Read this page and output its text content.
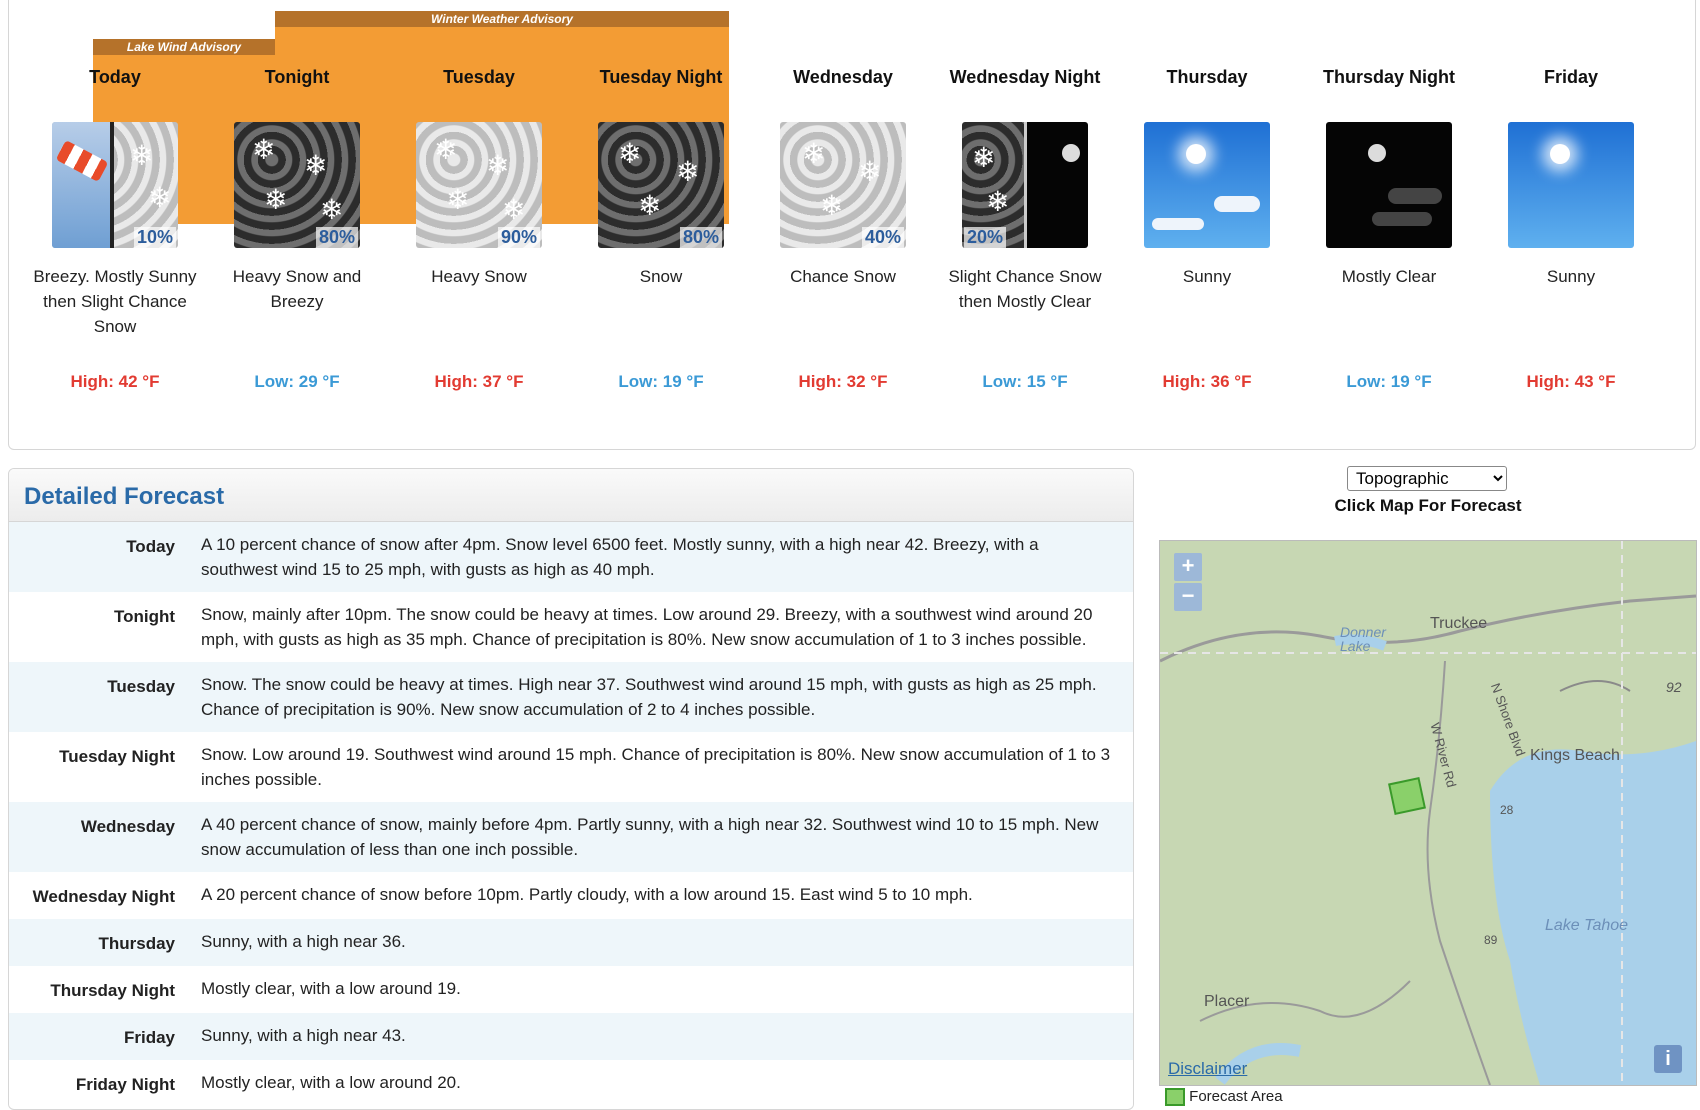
Lake Wind Advisory
Winter Weather Advisory
Today
❄
❄
10%
Breezy. Mostly Sunny then Slight Chance Snow
High: 42 °F
Tonight
❄
❄
❄ ❄
80%
Heavy Snow and Breezy
Low: 29 °F
Tuesday
❄
❄
❄ ❄
90%
Heavy Snow
High: 37 °F
Tuesday Night
❄
❄
❄
80%
Snow
Low: 19 °F
Wednesday
❄
❄
❄
40%
Chance Snow
High: 32 °F
Wednesday Night
❄
❄
20%
Slight Chance Snow then Mostly Clear
Low: 15 °F
Thursday
Sunny
High: 36 °F
Thursday Night
Mostly Clear
Low: 19 °F
Friday
Sunny
High: 43 °F
Detailed Forecast
Today	A 10 percent chance of snow after 4pm. Snow level 6500 feet. Mostly sunny, with a high near 42. Breezy, with a southwest wind 15 to 25 mph, with gusts as high as 40 mph.
Tonight	Snow, mainly after 10pm. The snow could be heavy at times. Low around 29. Breezy, with a southwest wind around 20 mph, with gusts as high as 35 mph. Chance of precipitation is 80%. New snow accumulation of 1 to 3 inches possible.
Tuesday	Snow. The snow could be heavy at times. High near 37. Southwest wind around 15 mph, with gusts as high as 25 mph. Chance of precipitation is 90%. New snow accumulation of 2 to 4 inches possible.
Tuesday Night	Snow. Low around 19. Southwest wind around 15 mph. Chance of precipitation is 80%. New snow accumulation of 1 to 3 inches possible.
Wednesday	A 40 percent chance of snow, mainly before 4pm. Partly sunny, with a high near 32. Southwest wind 10 to 15 mph. New snow accumulation of less than one inch possible.
Wednesday Night	A 20 percent chance of snow before 10pm. Partly cloudy, with a low around 15. East wind 5 to 10 mph.
Thursday	Sunny, with a high near 36.
Thursday Night	Mostly clear, with a low around 19.
Friday	Sunny, with a high near 43.
Friday Night	Mostly clear, with a low around 20.
Topographic
Click Map For Forecast
+
−
Truckee
Donner Lake
N Shore Blvd Kings Beach
W River Rd
Lake Tahoe
Placer
92
28
89
i
Disclaimer
Forecast Area
